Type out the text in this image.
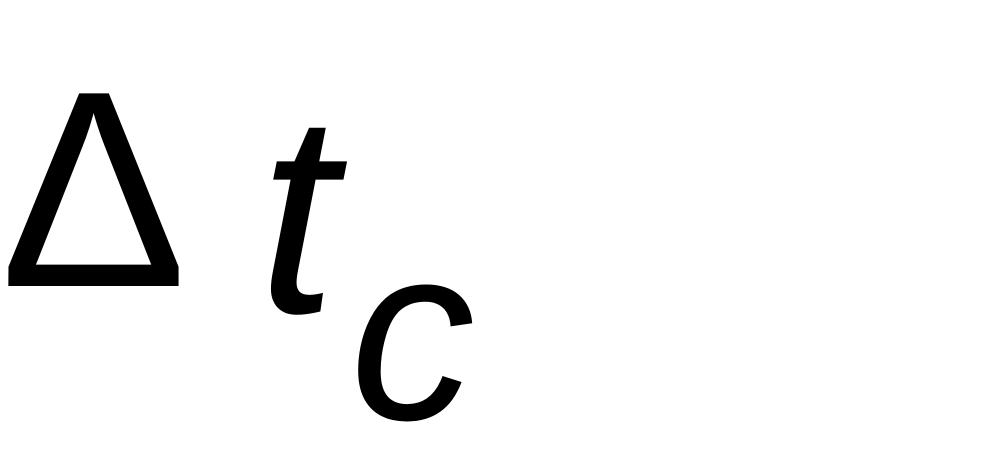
Δ t c
